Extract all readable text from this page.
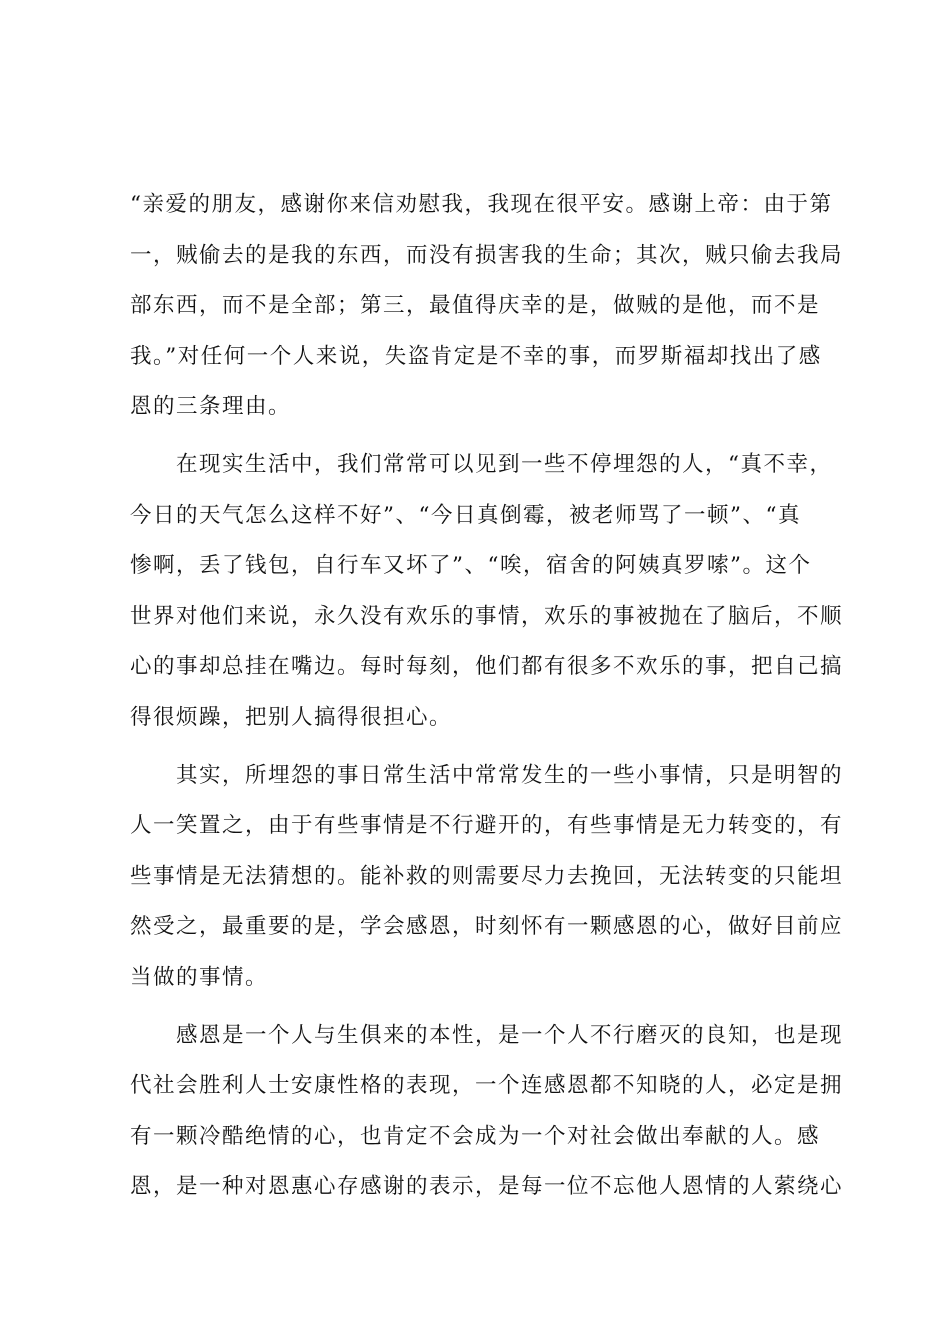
“亲爱的朋友，感谢你来信劝慰我，我现在很平安。感谢上帝：由于第
一，贼偷去的是我的东西，而没有损害我的生命；其次，贼只偷去我局
部东西，而不是全部；第三，最值得庆幸的是，做贼的是他，而不是
我。”对任何一个人来说，失盗肯定是不幸的事，而罗斯福却找出了感
恩的三条理由。
　　在现实生活中，我们常常可以见到一些不停埋怨的人，“真不幸，
今日的天气怎么这样不好”、“今日真倒霉，被老师骂了一顿”、“真
惨啊，丢了钱包，自行车又坏了”、“唉，宿舍的阿姨真罗嗦”。这个
世界对他们来说，永久没有欢乐的事情，欢乐的事被抛在了脑后，不顺
心的事却总挂在嘴边。每时每刻，他们都有很多不欢乐的事，把自己搞
得很烦躁，把别人搞得很担心。
　　其实，所埋怨的事日常生活中常常发生的一些小事情，只是明智的
人一笑置之，由于有些事情是不行避开的，有些事情是无力转变的，有
些事情是无法猜想的。能补救的则需要尽力去挽回，无法转变的只能坦
然受之，最重要的是，学会感恩，时刻怀有一颗感恩的心，做好目前应
当做的事情。
　　感恩是一个人与生俱来的本性，是一个人不行磨灭的良知，也是现
代社会胜利人士安康性格的表现，一个连感恩都不知晓的人，必定是拥
有一颗冷酷绝情的心，也肯定不会成为一个对社会做出奉献的人。感
恩，是一种对恩惠心存感谢的表示，是每一位不忘他人恩情的人萦绕心
